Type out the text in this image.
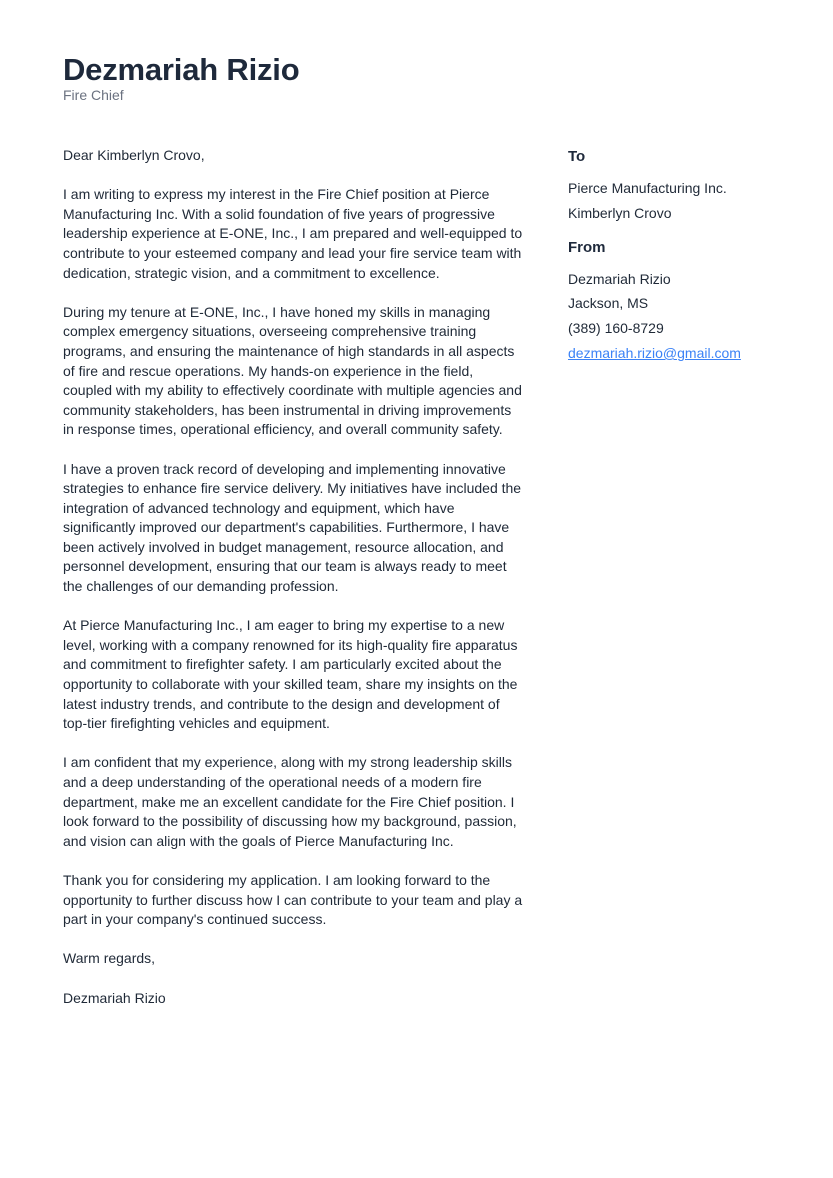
Dezmariah Rizio
Fire Chief

Dear Kimberlyn Crovo,

I am writing to express my interest in the Fire Chief position at Pierce Manufacturing Inc. With a solid foundation of five years of progressive leadership experience at E-ONE, Inc., I am prepared and well-equipped to contribute to your esteemed company and lead your fire service team with dedication, strategic vision, and a commitment to excellence.

During my tenure at E-ONE, Inc., I have honed my skills in managing complex emergency situations, overseeing comprehensive training programs, and ensuring the maintenance of high standards in all aspects of fire and rescue operations. My hands-on experience in the field, coupled with my ability to effectively coordinate with multiple agencies and community stakeholders, has been instrumental in driving improvements in response times, operational efficiency, and overall community safety.

I have a proven track record of developing and implementing innovative strategies to enhance fire service delivery. My initiatives have included the integration of advanced technology and equipment, which have significantly improved our department's capabilities. Furthermore, I have been actively involved in budget management, resource allocation, and personnel development, ensuring that our team is always ready to meet the challenges of our demanding profession.

At Pierce Manufacturing Inc., I am eager to bring my expertise to a new level, working with a company renowned for its high-quality fire apparatus and commitment to firefighter safety. I am particularly excited about the opportunity to collaborate with your skilled team, share my insights on the latest industry trends, and contribute to the design and development of top-tier firefighting vehicles and equipment.

I am confident that my experience, along with my strong leadership skills and a deep understanding of the operational needs of a modern fire department, make me an excellent candidate for the Fire Chief position. I look forward to the possibility of discussing how my background, passion, and vision can align with the goals of Pierce Manufacturing Inc.

Thank you for considering my application. I am looking forward to the opportunity to further discuss how I can contribute to your team and play a part in your company's continued success.

Warm regards,

Dezmariah Rizio

To
Pierce Manufacturing Inc.
Kimberlyn Crovo
From
Dezmariah Rizio
Jackson, MS
(389) 160-8729
dezmariah.rizio@gmail.com
